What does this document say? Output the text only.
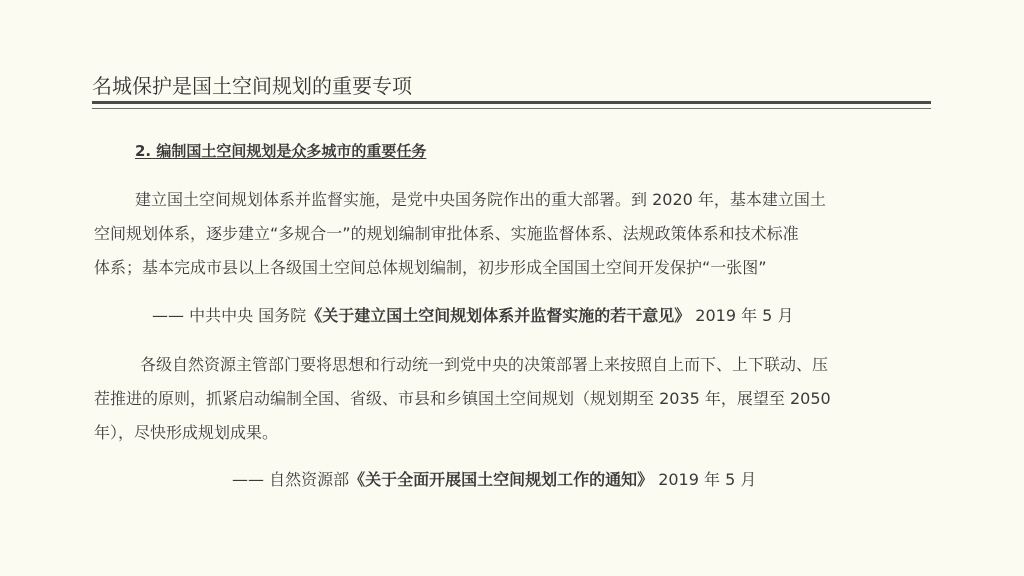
名城保护是国土空间规划的重要专项
2. 编制国土空间规划是众多城市的重要任务
建立国土空间规划体系并监督实施，是党中央国务院作出的重大部署。到 2020 年，基本建立国土
空间规划体系，逐步建立“多规合一”的规划编制审批体系、实施监督体系、法规政策体系和技术标准
体系；基本完成市县以上各级国土空间总体规划编制，初步形成全国国土空间开发保护“一张图”
—— 中共中央 国务院《关于建立国土空间规划体系并监督实施的若干意见》 2019 年 5 月
各级自然资源主管部门要将思想和行动统一到党中央的决策部署上来按照自上而下、上下联动、压
茬推进的原则，抓紧启动编制全国、省级、市县和乡镇国土空间规划（规划期至 2035 年，展望至 2050
年），尽快形成规划成果。
—— 自然资源部《关于全面开展国土空间规划工作的通知》 2019 年 5 月
